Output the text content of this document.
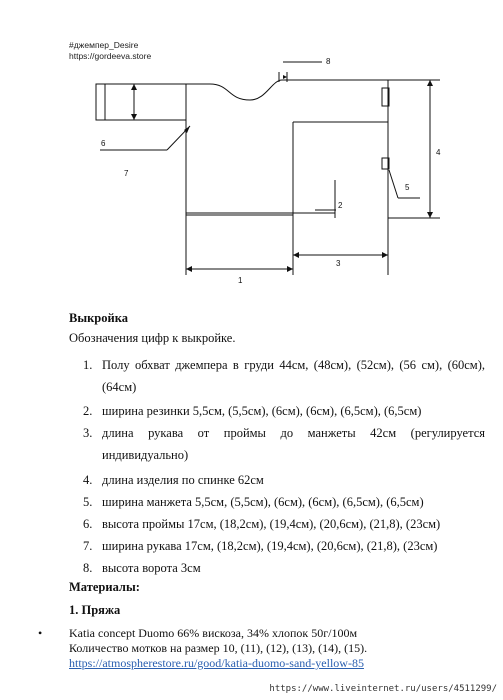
#джемпер_Desire
https://gordeeva.store
1
2
3
4
5
6
7
8
Выкройка
Обозначения цифр к выкройке.
1. Полу обхват джемпера в груди 44см, (48см), (52см), (56 см), (60см), (64см)
2. ширина резинки 5,5см, (5,5см), (6см), (6см), (6,5см), (6,5см)
3. длина рукава от проймы до манжеты 42см (регулируется индивидуально)
4. длина изделия по спинке 62см
5. ширина манжета 5,5см, (5,5см), (6см), (6см), (6,5см), (6,5см)
6. высота проймы 17см, (18,2см), (19,4см), (20,6см), (21,8), (23см)
7. ширина рукава 17см, (18,2см), (19,4см), (20,6см), (21,8), (23см)
8. высота ворота 3см
Материалы:
1. Пряжа
• Katia concept Duomo 66% вискоза, 34% хлопок 50г/100м
Количество мотков на размер 10, (11), (12), (13), (14), (15).
https://atmospherestore.ru/good/katia-duomo-sand-yellow-85
https://www.liveinternet.ru/users/4511299/
